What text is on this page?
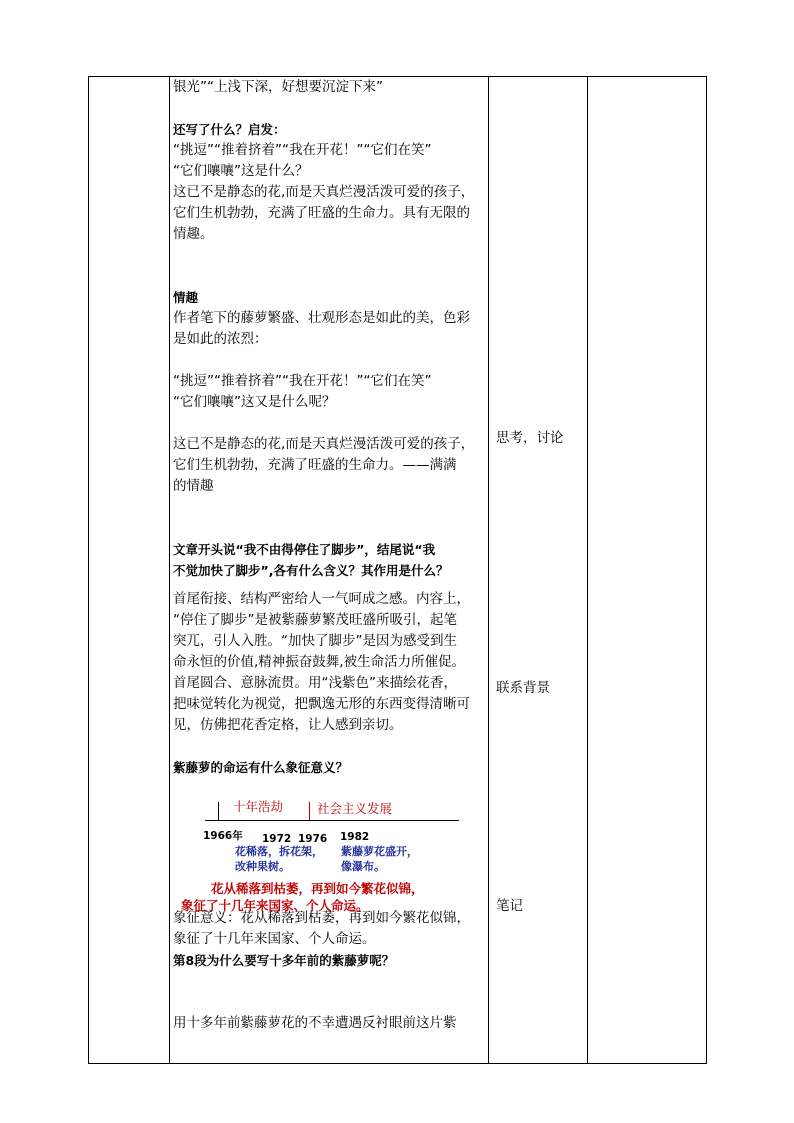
银光”“上浅下深，好想要沉淀下来”

还写了什么？启发：

“挑逗”“推着挤着”“我在开花！”“它们在笑”

“它们嚷嚷”这是什么？

这已不是静态的花,而是天真烂漫活泼可爱的孩子，

它们生机勃勃，充满了旺盛的生命力。具有无限的

情趣。

情趣

作者笔下的藤萝繁盛、壮观形态是如此的美，色彩

是如此的浓烈：

“挑逗”“推着挤着”“我在开花！”“它们在笑”

“它们嚷嚷”这又是什么呢？

这已不是静态的花,而是天真烂漫活泼可爱的孩子，

它们生机勃勃，充满了旺盛的生命力。——满满

的情趣

文章开头说“我不由得停住了脚步”，结尾说“我

不觉加快了脚步”,各有什么含义？其作用是什么？

首尾衔接、结构严密给人一气呵成之感。内容上，

“停住了脚步”是被紫藤萝繁茂旺盛所吸引，起笔

突兀，引人入胜。“加快了脚步”是因为感受到生

命永恒的价值,精神振奋鼓舞,被生命活力所催促。

首尾圆合、意脉流贯。用“浅紫色”来描绘花香，

把味觉转化为视觉，把飘逸无形的东西变得清晰可

见，仿佛把花香定格，让人感到亲切。

紫藤萝的命运有什么象征意义？

十年浩劫	社会主义发展
1966年 1972 1976 1982
花稀落，拆花架，
改种果树。
紫藤萝花盛开，
像瀑布。
花从稀落到枯萎，再到如今繁花似锦，
象征了十几年来国家、个人命运。

象征意义：花从稀落到枯萎，再到如今繁花似锦，

象征了十几年来国家、个人命运。

第8段为什么要写十多年前的紫藤萝呢？

用十多年前紫藤萝花的不幸遭遇反衬眼前这片紫

思考，讨论
联系背景
笔记
